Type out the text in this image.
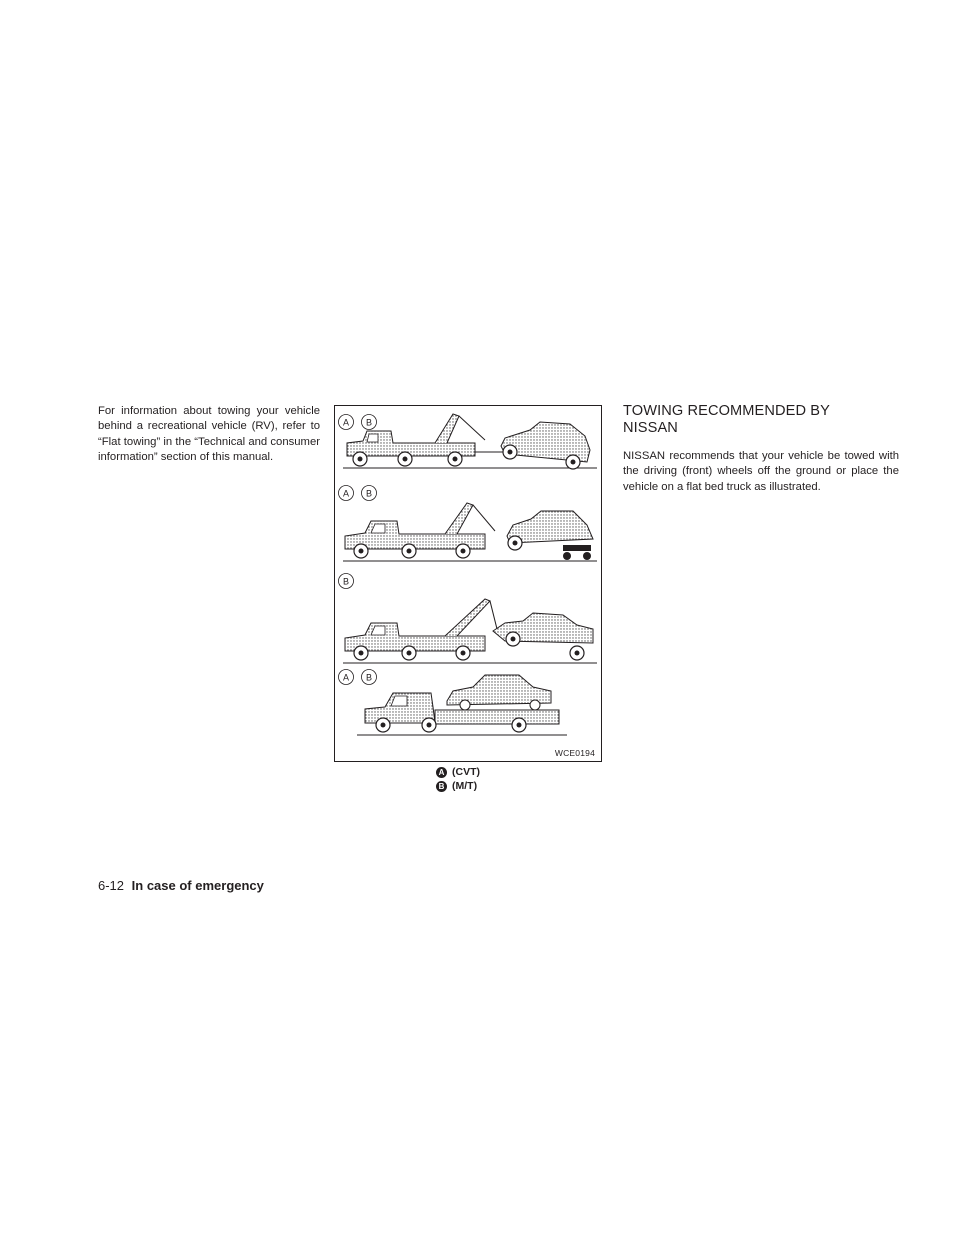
For information about towing your vehicle behind a recreational vehicle (RV), refer to “Flat towing” in the “Technical and consumer information” section of this manual.

A B
A B
B
A B
WCE0194
A (CVT)
B (M/T)
TOWING RECOMMENDED BY
NISSAN

NISSAN recommends that your vehicle be towed with the driving (front) wheels off the ground or place the vehicle on a flat bed truck as illustrated.

6-12 In case of emergency
